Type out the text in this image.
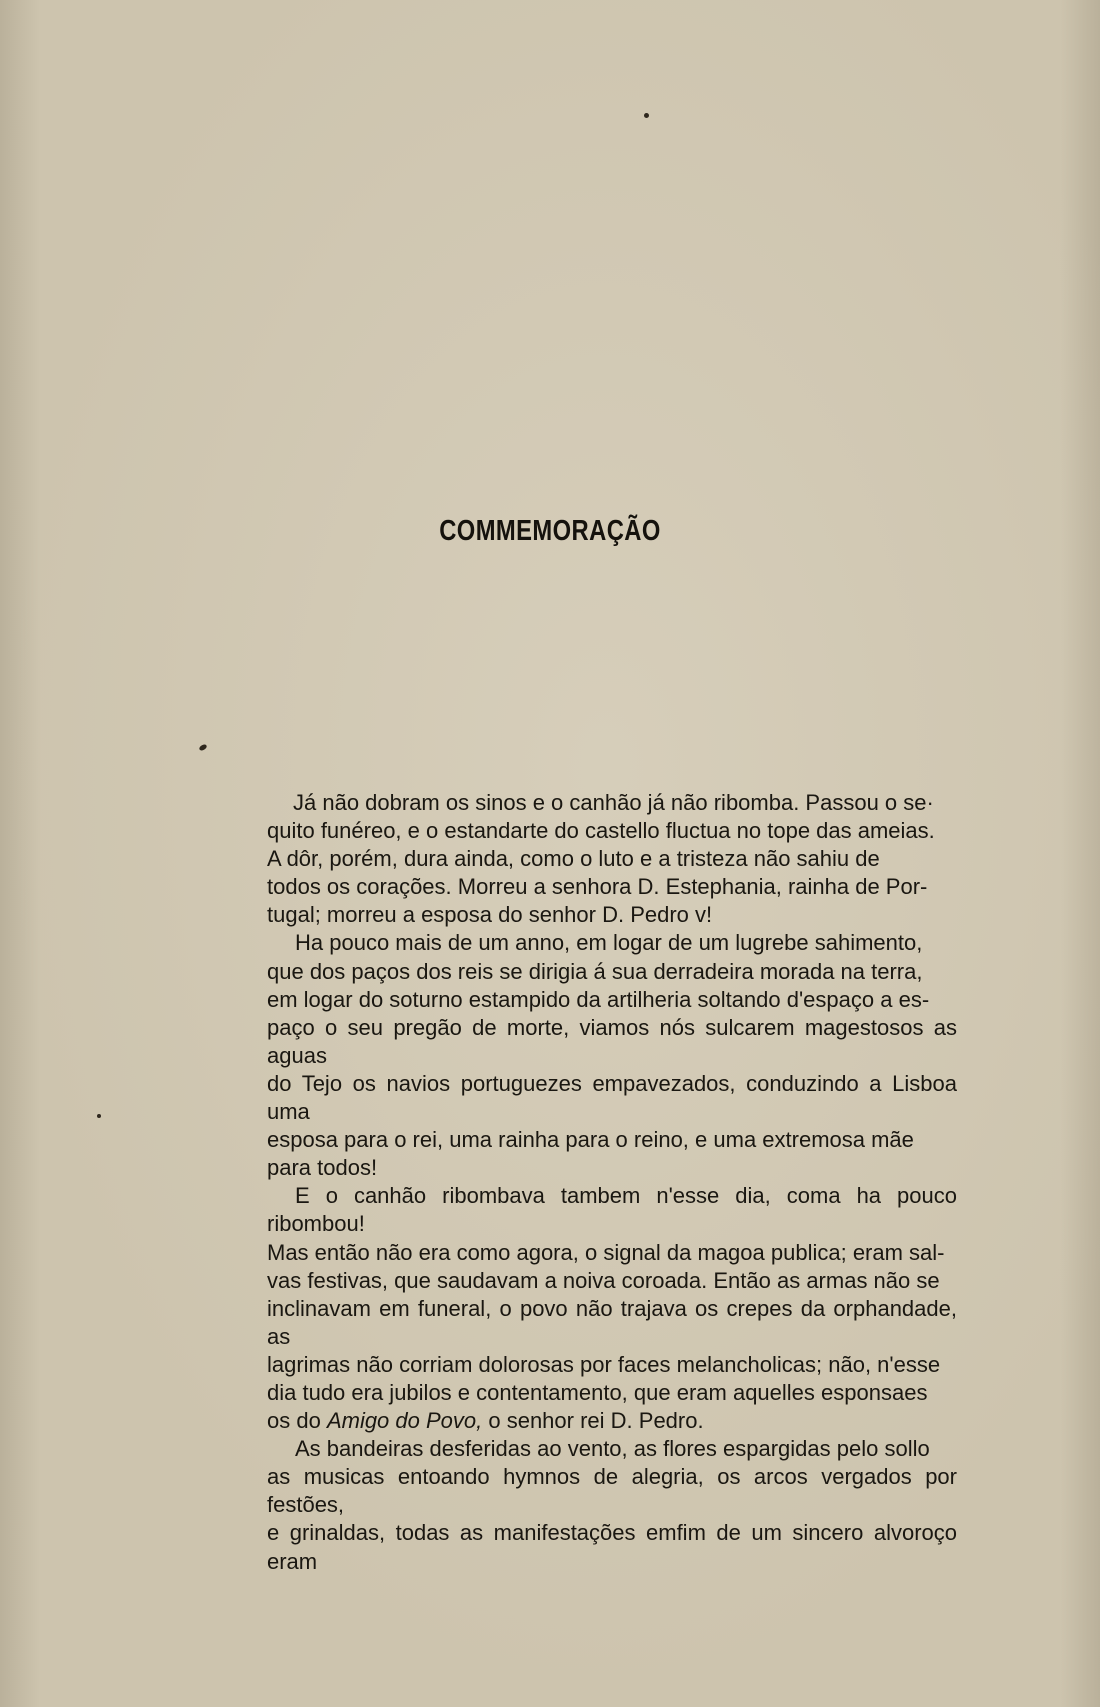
COMMEMORAÇÃO

Já não dobram os sinos e o canhão já não ribomba. Passou o se·
quito funéreo, e o estandarte do castello fluctua no tope das ameias.
A dôr, porém, dura ainda, como o luto e a tristeza não sahiu de
todos os corações. Morreu a senhora D. Estephania, rainha de Por-
tugal; morreu a esposa do senhor D. Pedro v!

Ha pouco mais de um anno, em logar de um lugrebe sahimento,
que dos paços dos reis se dirigia á sua derradeira morada na terra,
em logar do soturno estampido da artilheria soltando d'espaço a es-
paço o seu pregão de morte, viamos nós sulcarem magestosos as aguas
do Tejo os navios portuguezes empavezados, conduzindo a Lisboa uma
esposa para o rei, uma rainha para o reino, e uma extremosa mãe
para todos!

E o canhão ribombava tambem n'esse dia, coma ha pouco ribombou!
Mas então não era como agora, o signal da magoa publica; eram sal-
vas festivas, que saudavam a noiva coroada. Então as armas não se
inclinavam em funeral, o povo não trajava os crepes da orphandade, as
lagrimas não corriam dolorosas por faces melancholicas; não, n'esse
dia tudo era jubilos e contentamento, que eram aquelles esponsaes
os do Amigo do Povo, o senhor rei D. Pedro.

As bandeiras desferidas ao vento, as flores espargidas pelo sollo
as musicas entoando hymnos de alegria, os arcos vergados por festões,
e grinaldas, todas as manifestações emfim de um sincero alvoroço eram
